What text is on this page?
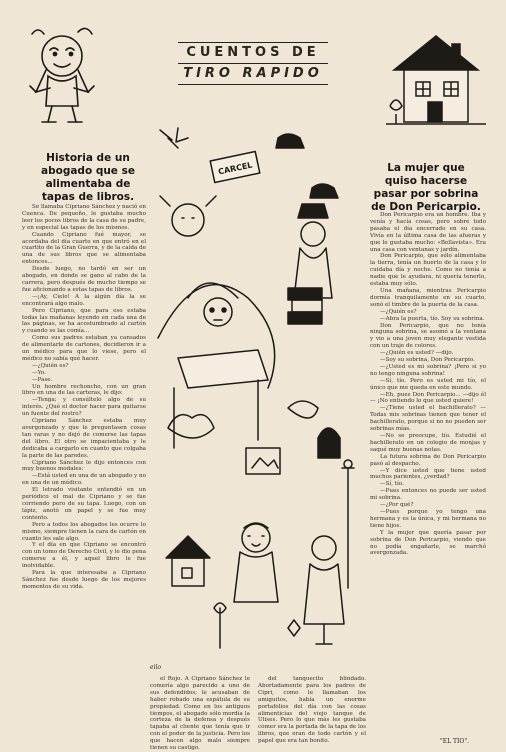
CUENTOS DE
TIRO RAPIDO
Historia de un abogado que se alimentaba de tapas de libros.
La mujer que quiso hacerse pasar por sobrina de Don Pericarpio.
CARCEL

Se llamaba Cipriano Sánchez y nació en Cuenca. De pequeño, le gustaba mucho leer los pocos libros de la casa de su padre, y en especial las tapas de los mismos.

Cuando Cipriano fué mayor, se acordaba del día cuarto en que entró en el cuartito de la Gran Guerra, y de la caída de una de sus libros que se alimentaba entonces...

Desde luego, no tardó en ser un abogado, en donde se gano al cabo de la carrera, pero después de mucho tiempo se fue aficionando a estas tapas de libros.

—¡Ay, Cielo! A la algún día la se encontrará algo malo.

Pero Cipriano, que para eso estaba todas las mañanas leyendo en cada una de las páginas, se ha acostumbrado al cartón y cuando se las comía...

Como sus padres estaban ya cansados de alimentarle de cartones, decidieron ir a un médico para que lo viese, pero el médico no sabía qué hacer.

—¿Quién es?

—Yo.

—Pase.

Un hombre rechoncho, con un gran libro en una de las carteras, le dijo:

—Tenga; y consúltelo algo de su interés. ¿Qué el doctor hacer para quitarse un fuente del rostro?

Cipriano Sánchez estaba muy avergonzado y que le preguntasen cosas tan raras y no dejó de comerse las tapas del libro. El otro se impacientaba y le dedicaba a cargarlo en cuanto que colgaba la parte de las paredes.

Cipriano Sánchez le dijo entonces con muy buenos modales:

—Está usted en una de un abogado y no en una de un médico.

El letrado visitante entendió en un periódico el mal de Cipriano y se fue corriendo pero de su tapa. Luego, con un lápiz, anotó un papel y se fue muy contento.

Pero a todos los abogados les ocurre lo mismo, siempre tienen la cara de cartón en cuanto les sale algo.

Y el día en que Cipriano se encontró con un tomo de Derecho Civil, y le dio pena comerse a él, y aquel libro le fue inolvidable.

Para la que interesaba a Cipriano Sánchez fue desde luego de los mejores momentos de su vida.

el Rojo. A Cipriano Sánchez le comería algo parecido a uno de sus defendidos; le acusaban de haber robado una espátula de su propiedad. Como en los antiguos tiempos, el abogado sólo mordía la corteza de la defensa y después tapaba al cliente que tenía que ir con el poder de la justicia. Pero los que hacen algo malo siempre tienen su castigo.

del tanquecito blindado. Abortadamente para los padres de Cipri, como le llamaban los amiguitos, había un enorme portafolios del día con las cosas alimenticias del viejo tanque de Ulises. Pero lo que más les gustaba comer era la portada de la tapa de los libros, que eran de todo cartón y el papel que era tan bonito.

Don Pericarpio era un hombre. Iba y venía y hacía cosas, pero sobre todo pasaba el día encerrado en su casa. Vivía en la última casa de las afueras y que le gustaba mucho: «Bellavista». Era una casa con ventanas y jardín.

Don Pericarpio, que sólo alimentaba la tierra, tenía un huerto de la casa y lo cuidaba día y noche. Como no tenía a nadie que le ayudara, ni quería tenerlo, estaba muy sólo.

Una mañana, mientras Pericarpio dormía tranquilamente en su cuarto, sonó el timbre de la puerta de la casa.

—¿Quién es?

—Abra la puerta, tío. Soy su sobrina.

Don Pericarpio, que no tenía ninguna sobrina, se asomó a la ventana y vio a una joven muy elegante vestida con un traje de colores.

—¿Quién es usted? —dijo.

—Soy su sobrina, Don Pericarpio.

—¿Usted es mi sobrina? ¡Pero si yo no tengo ninguna sobrina!

—Sí, tío. Pero es usted mi tío, el único que me queda en este mundo.

—Eh, pues Don Pericarpio... —dijo él— ¡No entiendo lo que usted quiere!

—¿Tiene usted el bachillerato? —Todas mis sobrinas tienen que tener el bachillerato, porque si no no pueden ser sobrinas mías.

—No se preocupe, tío. Estudié el bachillerato en un colegio de monjas y saqué muy buenas notas.

La futura sobrina de Don Pericarpio pasó al despacho.

—Y dice usted que tiene usted muchos parientes, ¿verdad?

—Sí, tío.

—Pues entonces no puede ser usted mi sobrina.

—¿Por qué?

—Pues porque yo tengo una hermana y es la única, y mi hermana no tiene hijos.

Y la mujer que quería pasar por sobrina de Don Pericarpio, viendo que no podía engañarle, se marchó avergonzada.

eilo
"EL TIO".
